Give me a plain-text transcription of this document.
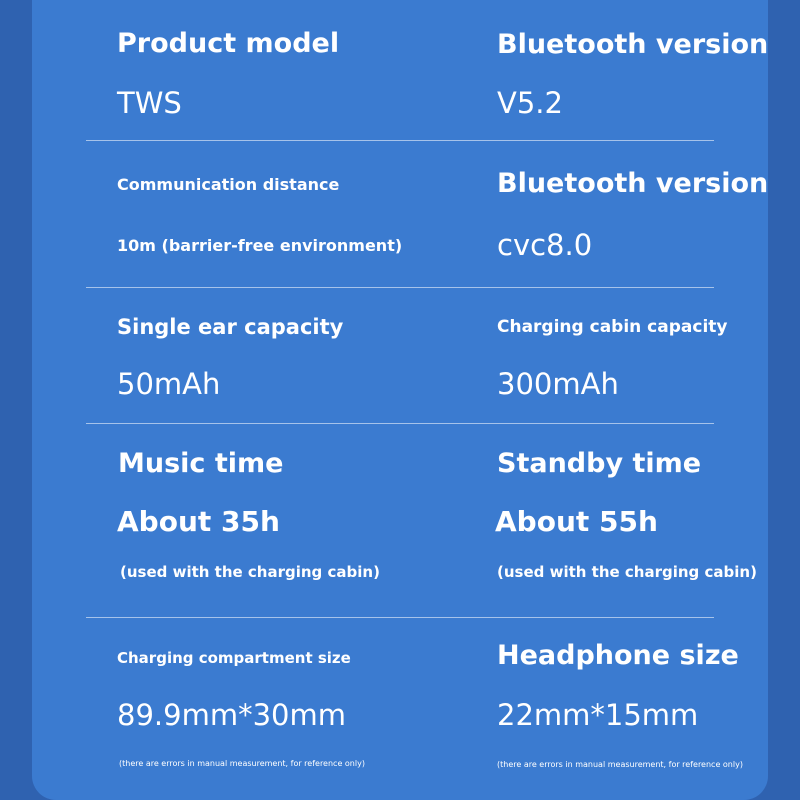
Product model
TWS
Bluetooth version
V5.2
Communication distance
10m (barrier-free environment)
Bluetooth version
cvc8.0
Single ear capacity
50mAh
Charging cabin capacity
300mAh
Music time
About 35h
(used with the charging cabin)
Standby time
About 55h
(used with the charging cabin)
Charging compartment size
89.9mm*30mm
(there are errors in manual measurement, for reference only)
Headphone size
22mm*15mm
(there are errors in manual measurement, for reference only)
